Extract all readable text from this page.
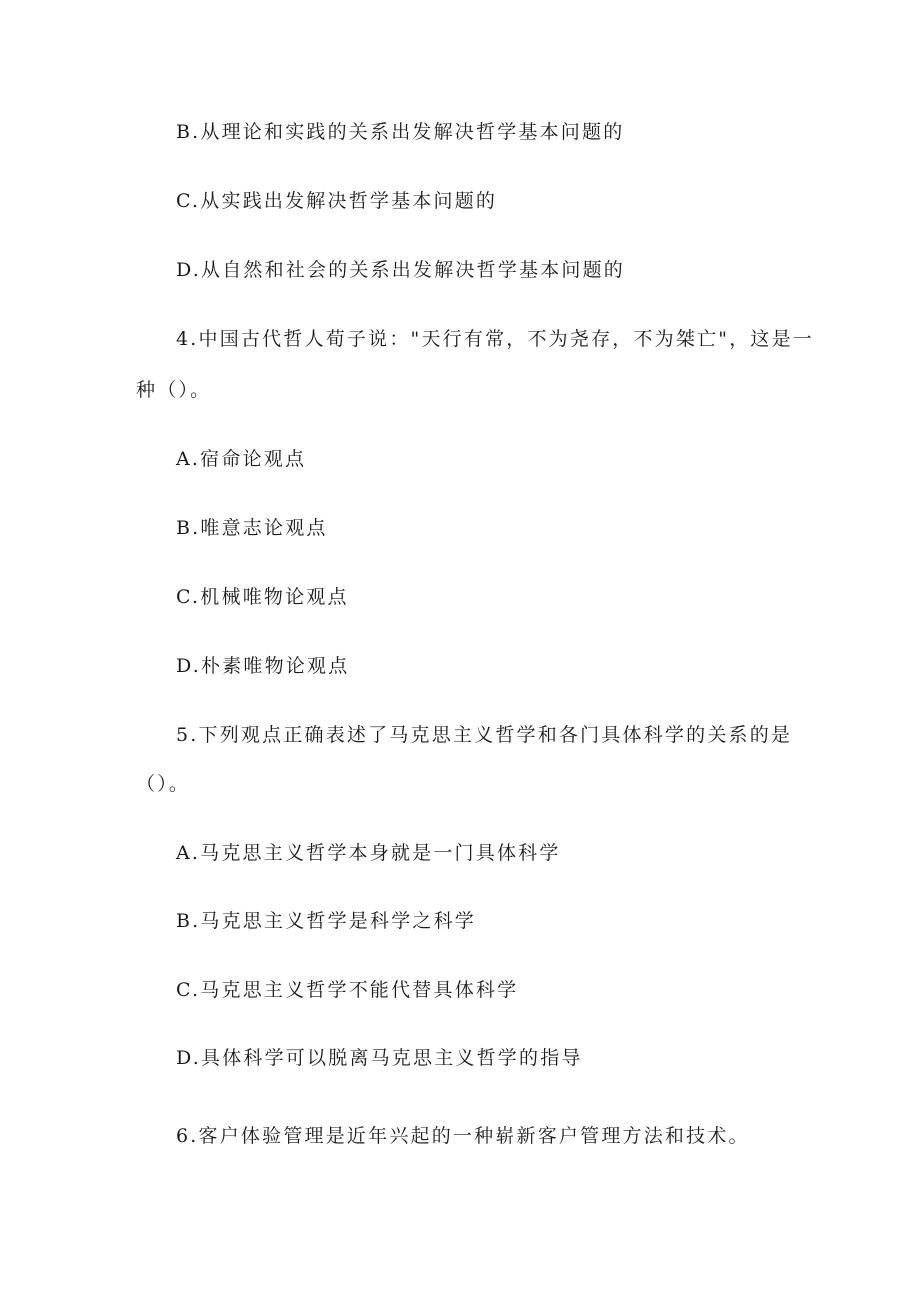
B.从理论和实践的关系出发解决哲学基本问题的
C.从实践出发解决哲学基本问题的
D.从自然和社会的关系出发解决哲学基本问题的
4.中国古代哲人荀子说："天行有常，不为尧存，不为桀亡"，这是一
种（）。
A.宿命论观点
B.唯意志论观点
C.机械唯物论观点
D.朴素唯物论观点
5.下列观点正确表述了马克思主义哲学和各门具体科学的关系的是
（）。
A.马克思主义哲学本身就是一门具体科学
B.马克思主义哲学是科学之科学
C.马克思主义哲学不能代替具体科学
D.具体科学可以脱离马克思主义哲学的指导
6.客户体验管理是近年兴起的一种崭新客户管理方法和技术。
